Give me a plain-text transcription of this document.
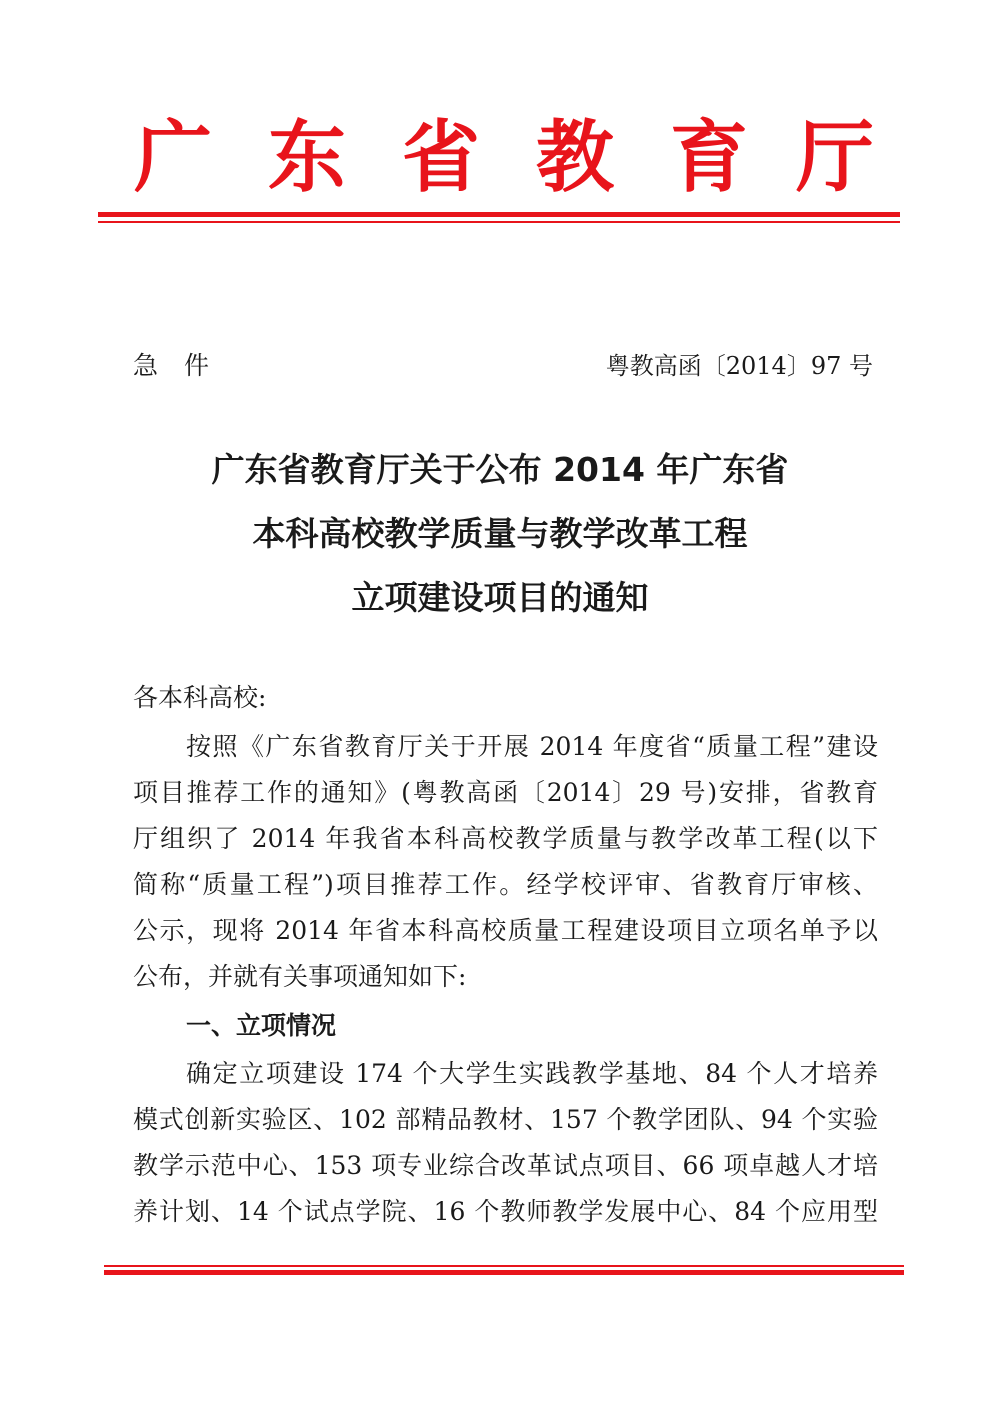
广 东 省 教 育 厅
急件	粤教高函〔2014〕97 号
广东省教育厅关于公布 2014 年广东省
本科高校教学质量与教学改革工程
立项建设项目的通知
各本科高校:
按照《广东省教育厅关于开展 2014 年度省“质量工程”建设
项目推荐工作的通知》(粤教高函〔2014〕29 号)安排，省教育
厅组织了 2014 年我省本科高校教学质量与教学改革工程(以下
简称“质量工程”)项目推荐工作。经学校评审、省教育厅审核、
公示，现将 2014 年省本科高校质量工程建设项目立项名单予以
公布，并就有关事项通知如下:
一、立项情况
确定立项建设 174 个大学生实践教学基地、84 个人才培养
模式创新实验区、102 部精品教材、157 个教学团队、94 个实验
教学示范中心、153 项专业综合改革试点项目、66 项卓越人才培
养计划、14 个试点学院、16 个教师教学发展中心、84 个应用型
